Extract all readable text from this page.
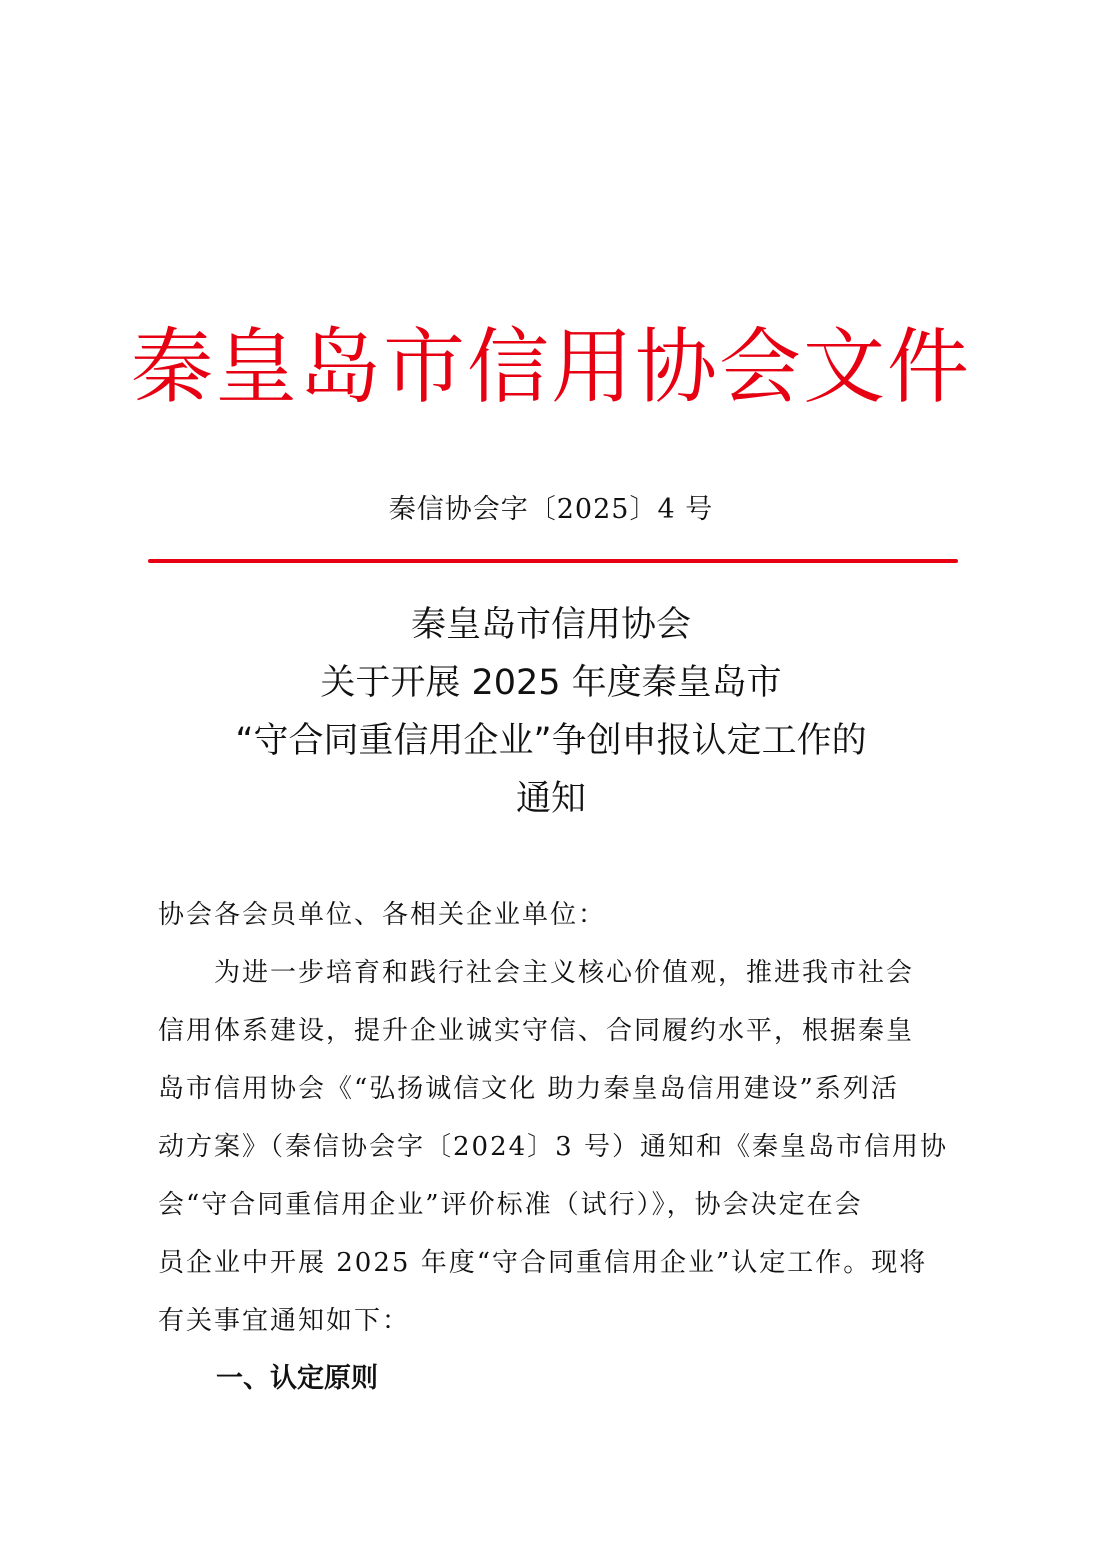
秦皇岛市信用协会文件
秦信协会字〔2025〕4 号
秦皇岛市信用协会
关于开展 2025 年度秦皇岛市
“守合同重信用企业”争创申报认定工作的
通知
协会各会员单位、各相关企业单位：
　　为进一步培育和践行社会主义核心价值观，推进我市社会
信用体系建设，提升企业诚实守信、合同履约水平，根据秦皇
岛市信用协会《“弘扬诚信文化 助力秦皇岛信用建设”系列活
动方案》（秦信协会字〔2024〕3 号）通知和《秦皇岛市信用协
会“守合同重信用企业”评价标准（试行）》，协会决定在会
员企业中开展 2025 年度“守合同重信用企业”认定工作。现将
有关事宜通知如下：
一、认定原则
